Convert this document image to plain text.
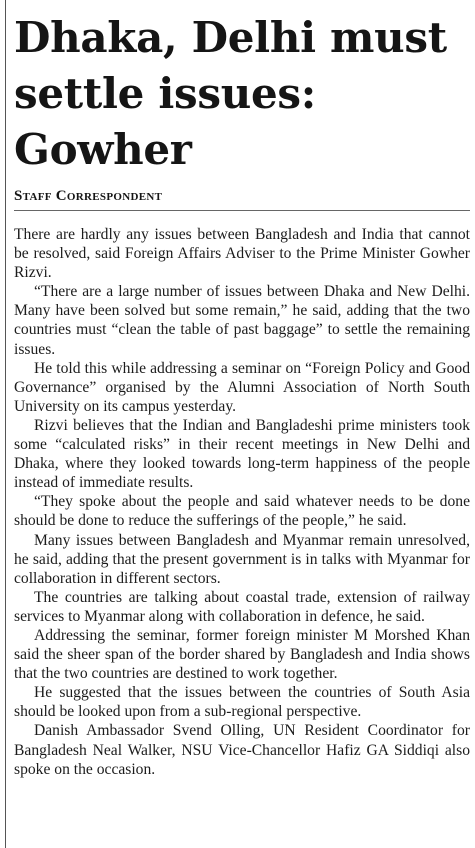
Dhaka, Delhi must
settle issues: Gowher
Staff Correspondent

There are hardly any issues between Bangladesh and India that cannot be resolved, said Foreign Affairs Adviser to the Prime Minister Gowher Rizvi.

“There are a large number of issues between Dhaka and New Delhi. Many have been solved but some remain,” he said, adding that the two countries must “clean the table of past baggage” to settle the remaining issues.

He told this while addressing a seminar on “Foreign Policy and Good Governance” organised by the Alumni Association of North South University on its campus yesterday.

Rizvi believes that the Indian and Bangladeshi prime ministers took some “calculated risks” in their recent meetings in New Delhi and Dhaka, where they looked towards long-term happiness of the people instead of immediate results.

“They spoke about the people and said whatever needs to be done should be done to reduce the sufferings of the people,” he said.

Many issues between Bangladesh and Myanmar remain unresolved, he said, adding that the present government is in talks with Myanmar for collaboration in different sectors.

The countries are talking about coastal trade, extension of railway services to Myanmar along with collaboration in defence, he said.

Addressing the seminar, former foreign minister M Morshed Khan said the sheer span of the border shared by Bangladesh and India shows that the two countries are destined to work together.

He suggested that the issues between the countries of South Asia should be looked upon from a sub-regional perspective.

Danish Ambassador Svend Olling, UN Resident Coordinator for Bangladesh Neal Walker, NSU Vice-Chancellor Hafiz GA Siddiqi also spoke on the occasion.
